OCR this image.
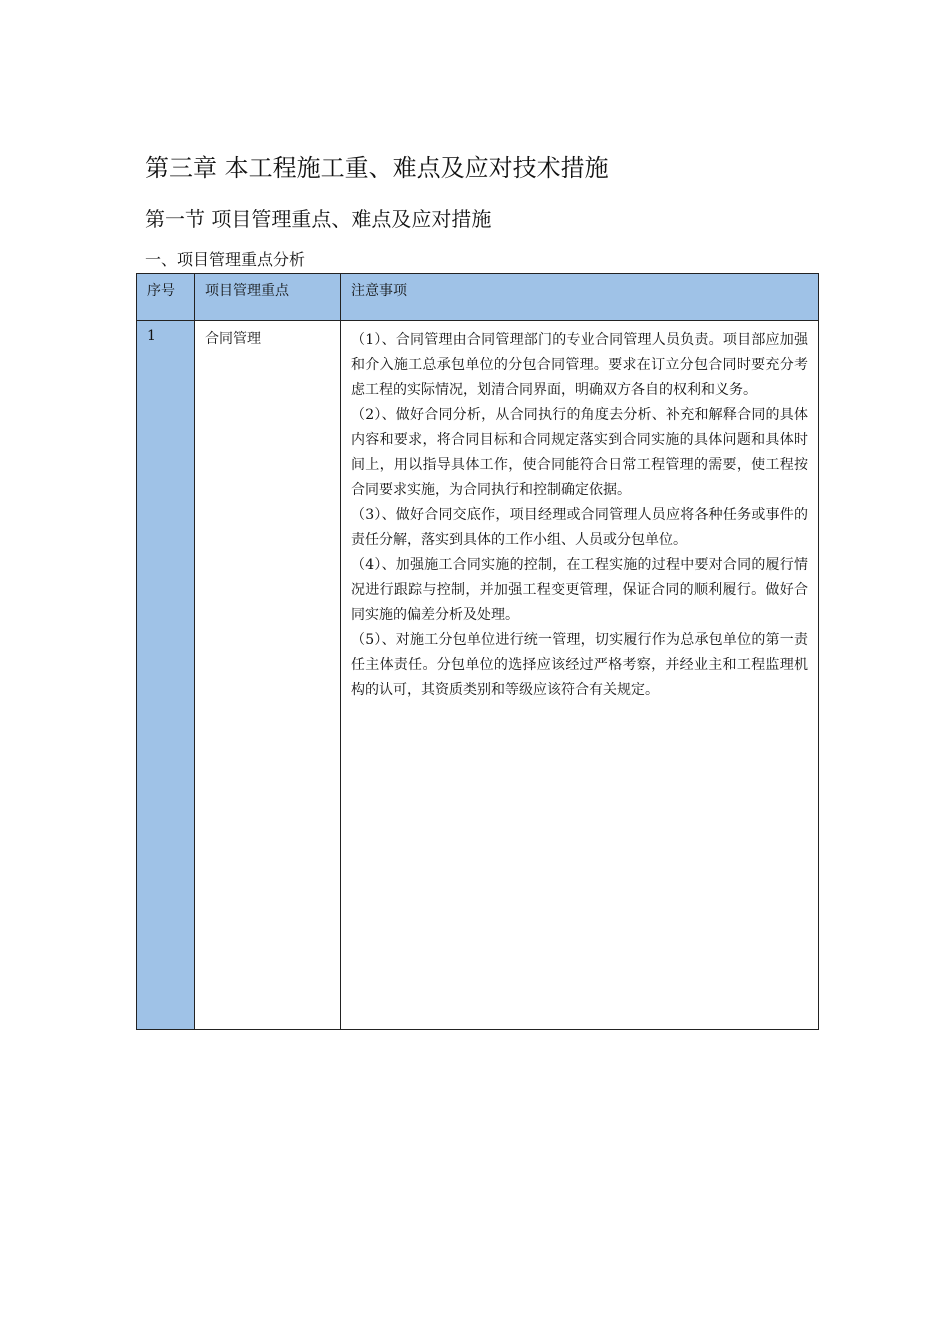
第三章 本工程施工重、难点及应对技术措施
第一节 项目管理重点、难点及应对措施
一、项目管理重点分析
序号	项目管理重点	注意事项
1	合同管理	（1）、合同管理由合同管理部门的专业合同管理人员负责。项目部应加强和介入施工总承包单位的分包合同管理。要求在订立分包合同时要充分考虑工程的实际情况，划清合同界面，明确双方各自的权利和义务。

（2）、做好合同分析，从合同执行的角度去分析、补充和解释合同的具体内容和要求，将合同目标和合同规定落实到合同实施的具体问题和具体时间上，用以指导具体工作，使合同能符合日常工程管理的需要，使工程按合同要求实施，为合同执行和控制确定依据。

（3）、做好合同交底作，项目经理或合同管理人员应将各种任务或事件的责任分解，落实到具体的工作小组、人员或分包单位。

（4）、加强施工合同实施的控制，在工程实施的过程中要对合同的履行情况进行跟踪与控制，并加强工程变更管理，保证合同的顺利履行。做好合同实施的偏差分析及处理。

（5）、对施工分包单位进行统一管理，切实履行作为总承包单位的第一责任主体责任。分包单位的选择应该经过严格考察，并经业主和工程监理机构的认可，其资质类别和等级应该符合有关规定。
